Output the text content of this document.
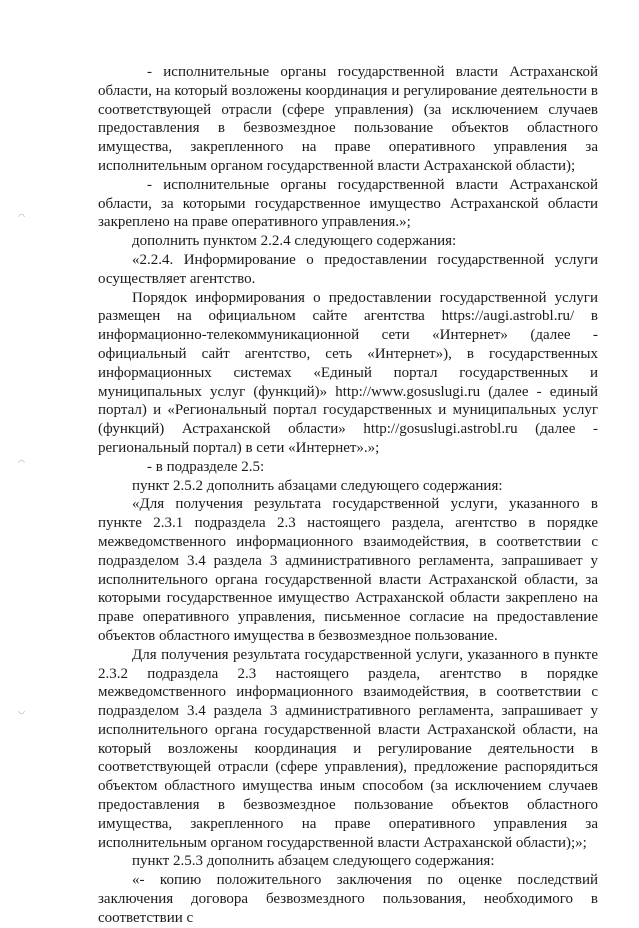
◠
◠
◡

- исполнительные органы государственной власти Астраханской области, на который возложены координация и регулирование деятельности в соответствующей отрасли (сфере управления) (за исключением случаев предоставления в безвозмездное пользование объектов областного имущества, закрепленного на праве оперативного управления за исполнительным органом государственной власти Астраханской области);

- исполнительные органы государственной власти Астраханской области, за которыми государственное имущество Астраханской области закреплено на праве оперативного управления.»;

дополнить пунктом 2.2.4 следующего содержания:

«2.2.4. Информирование о предоставлении государственной услуги осуществляет агентство.

Порядок информирования о предоставлении государственной услуги размещен на официальном сайте агентства https://augi.astrobl.ru/ в информационно-телекоммуникационной сети «Интернет» (далее - официальный сайт агентство, сеть «Интернет»), в государственных информационных системах «Единый портал государственных и муниципальных услуг (функций)» http://www.gosuslugi.ru (далее - единый портал) и «Региональный портал государственных и муниципальных услуг (функций) Астраханской области» http://gosuslugi.astrobl.ru (далее - региональный портал) в сети «Интернет».»;

- в подразделе 2.5:

пункт 2.5.2 дополнить абзацами следующего содержания:

«Для получения результата государственной услуги, указанного в пункте 2.3.1 подраздела 2.3 настоящего раздела, агентство в порядке межведомственного информационного взаимодействия, в соответствии с подразделом 3.4 раздела 3 административного регламента, запрашивает у исполнительного органа государственной власти Астраханской области, за которыми государственное имущество Астраханской области закреплено на праве оперативного управления, письменное согласие на предоставление объектов областного имущества в безвозмездное пользование.

Для получения результата государственной услуги, указанного в пункте 2.3.2 подраздела 2.3 настоящего раздела, агентство в порядке межведомственного информационного взаимодействия, в соответствии с подразделом 3.4 раздела 3 административного регламента, запрашивает у исполнительного органа государственной власти Астраханской области, на который возложены координация и регулирование деятельности в соответствующей отрасли (сфере управления), предложение распорядиться объектом областного имущества иным способом (за исключением случаев предоставления в безвозмездное пользование объектов областного имущества, закрепленного на праве оперативного управления за исполнительным органом государственной власти Астраханской области);»;

пункт 2.5.3 дополнить абзацем следующего содержания:

«- копию положительного заключения по оценке последствий заключения договора безвозмездного пользования, необходимого в соответствии с
